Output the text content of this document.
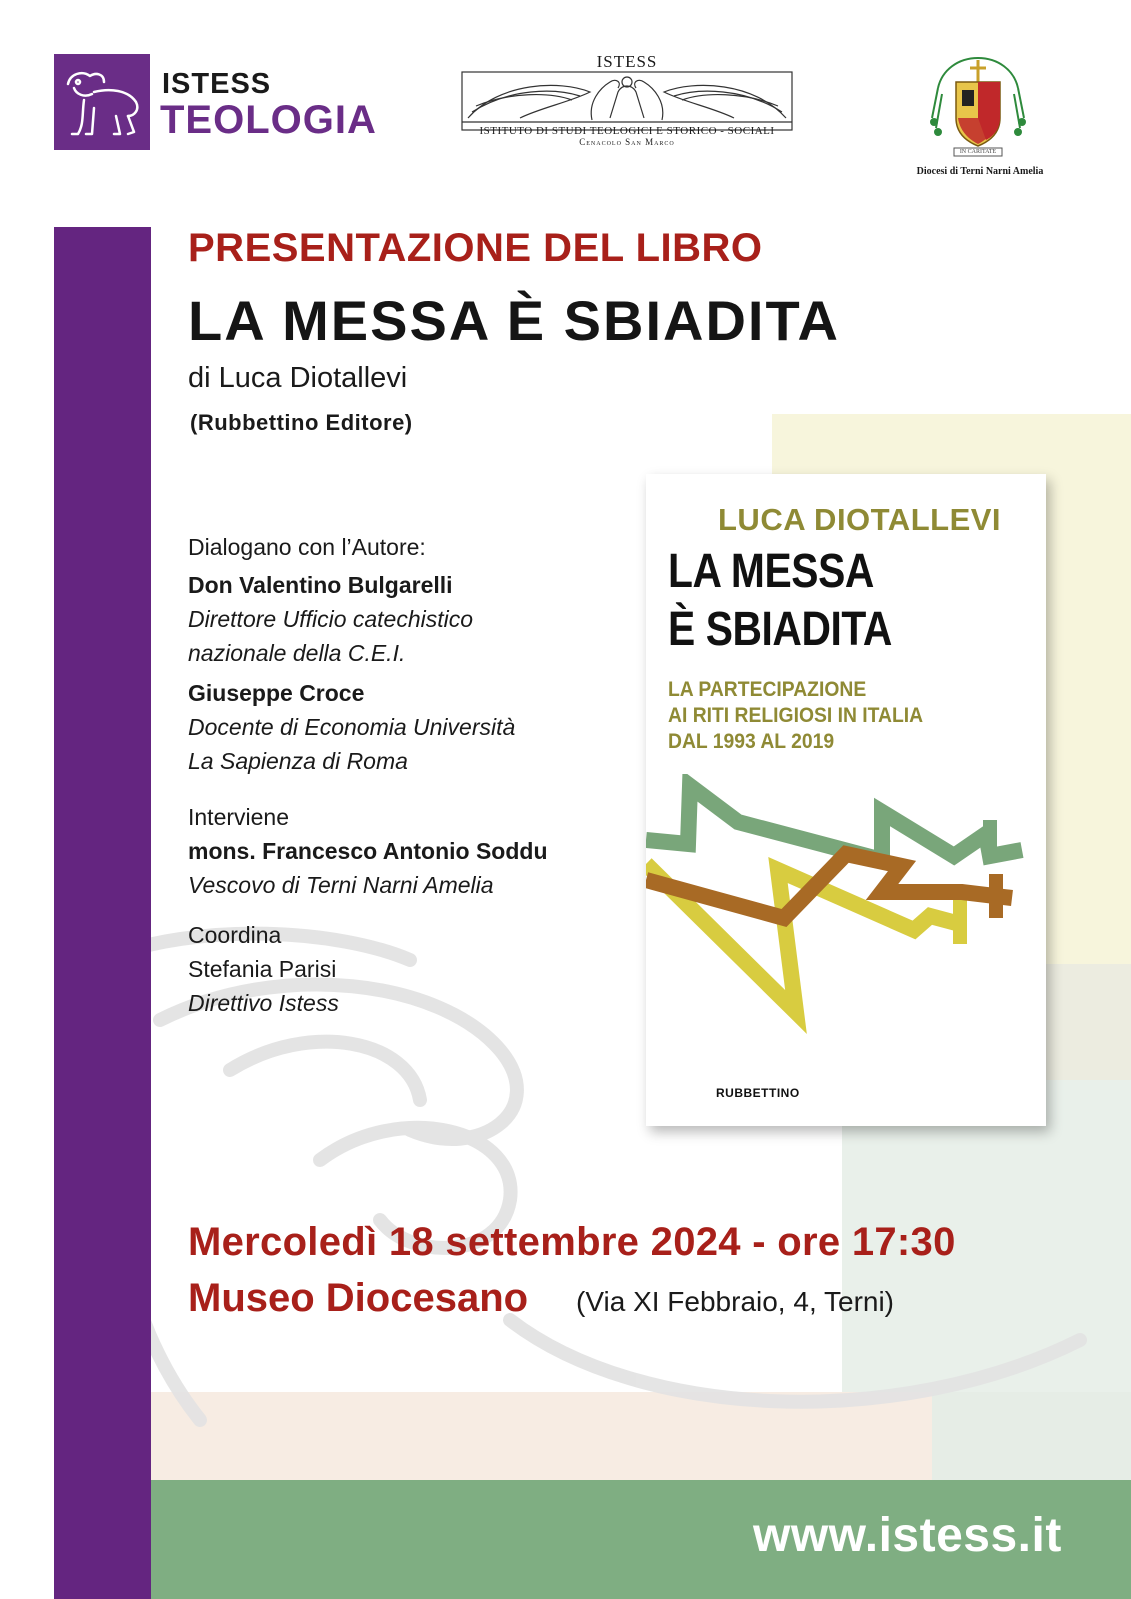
ISTESS
TEOLOGIA
ISTESS
ISTITUTO DI STUDI TEOLOGICI E STORICO - SOCIALI
Cenacolo San Marco
IN CARITATE
Diocesi di Terni Narni Amelia
PRESENTAZIONE DEL LIBRO
LA MESSA È SBIADITA
di Luca Diotallevi
(Rubbettino Editore)
Dialogano con l’Autore:
Don Valentino Bulgarelli
Direttore Ufficio catechistico
nazionale della C.E.I.
Giuseppe Croce
Docente di Economia Università
La Sapienza di Roma
Interviene
mons. Francesco Antonio Soddu
Vescovo di Terni Narni Amelia
Coordina
Stefania Parisi
Direttivo Istess
LUCA DIOTALLEVI
LA MESSA
È SBIADITA
LA PARTECIPAZIONE
AI RITI RELIGIOSI IN ITALIA
DAL 1993 AL 2019
RUBBETTINO
Mercoledì 18 settembre 2024 - ore 17:30
Museo Diocesano (Via XI Febbraio, 4, Terni)
www.istess.it
